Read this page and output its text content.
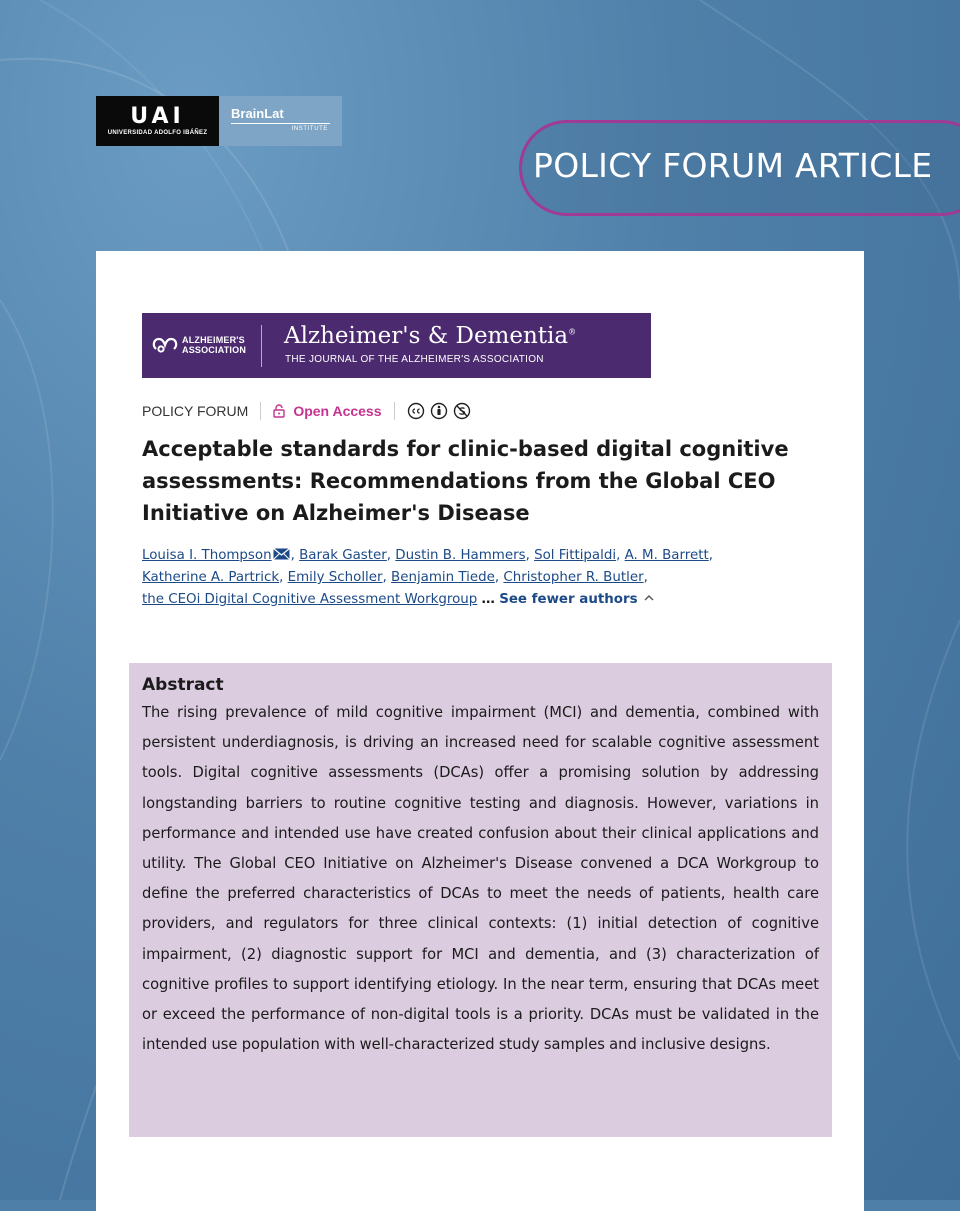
UAI
UNIVERSIDAD ADOLFO IBÁÑEZ
BrainLat
INSTITUTE
POLICY FORUM ARTICLE
ALZHEIMER'S
ASSOCIATION
Alzheimer's & Dementia®
THE JOURNAL OF THE ALZHEIMER'S ASSOCIATION
POLICY FORUM	Open Access
Acceptable standards for clinic-based digital cognitive assessments: Recommendations from the Global CEO Initiative on Alzheimer's Disease
Louisa I. Thompson , Barak Gaster, Dustin B. Hammers, Sol Fittipaldi, A. M. Barrett,
Katherine A. Partrick, Emily Scholler, Benjamin Tiede, Christopher R. Butler,
the CEOi Digital Cognitive Assessment Workgroup … See fewer authors
Abstract

The rising prevalence of mild cognitive impairment (MCI) and dementia, combined with persistent underdiagnosis, is driving an increased need for scalable cognitive assessment tools. Digital cognitive assessments (DCAs) offer a promising solution by addressing longstanding barriers to routine cognitive testing and diagnosis. However, variations in performance and intended use have created confusion about their clinical applications and utility. The Global CEO Initiative on Alzheimer's Disease convened a DCA Workgroup to define the preferred characteristics of DCAs to meet the needs of patients, health care providers, and regulators for three clinical contexts: (1) initial detection of cognitive impairment, (2) diagnostic support for MCI and dementia, and (3) characterization of cognitive profiles to support identifying etiology. In the near term, ensuring that DCAs meet or exceed the performance of non-digital tools is a priority. DCAs must be validated in the intended use population with well-characterized study samples and inclusive designs.
